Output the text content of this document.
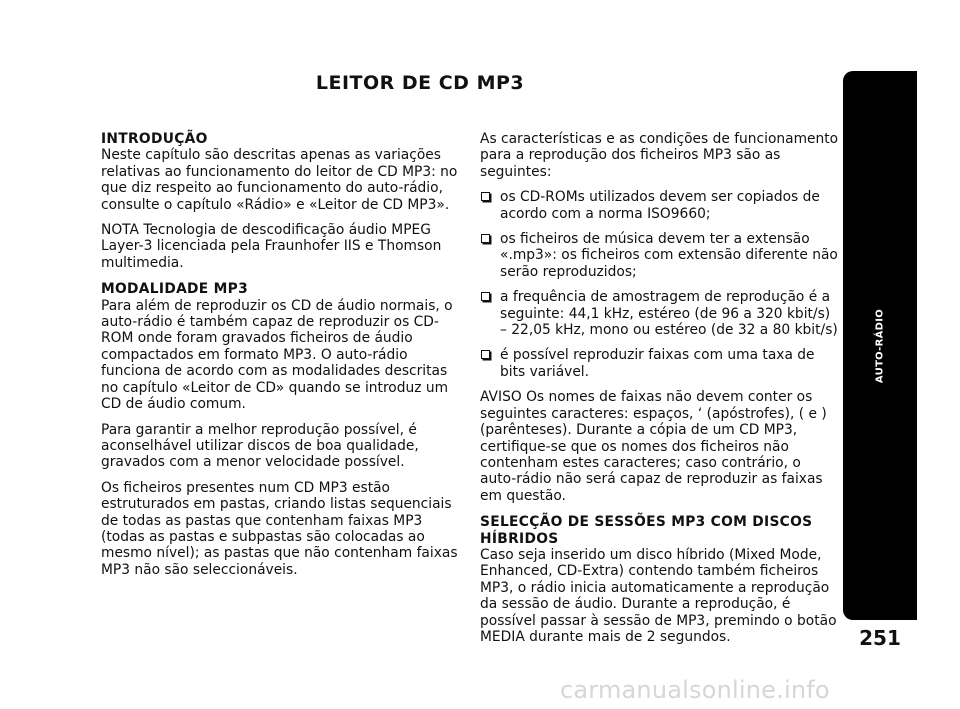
LEITOR DE CD MP3
INTRODUÇÃO

Neste capítulo são descritas apenas as variações relativas ao funcionamento do leitor de CD MP3: no que diz respeito ao funcionamento do auto-rádio, consulte o capítulo «Rádio» e «Leitor de CD MP3».

NOTA Tecnologia de descodificação áudio MPEG Layer-3 licenciada pela Fraunhofer IIS e Thomson multimedia.

MODALIDADE MP3

Para além de reproduzir os CD de áudio normais, o auto-rádio é também capaz de reproduzir os CD-ROM onde foram gravados ficheiros de áudio compactados em formato MP3. O auto-rádio funciona de acordo com as modalidades descritas no capítulo «Leitor de CD» quando se introduz um CD de áudio comum.

Para garantir a melhor reprodução possível, é aconselhável utilizar discos de boa qualidade, gravados com a menor velocidade possível.

Os ficheiros presentes num CD MP3 estão estruturados em pastas, criando listas sequenciais de todas as pastas que contenham faixas MP3 (todas as pastas e subpastas são colocadas ao mesmo nível); as pastas que não contenham faixas MP3 não são seleccionáveis.

As características e as condições de funcionamento para a reprodução dos ficheiros MP3 são as seguintes:

os CD-ROMs utilizados devem ser copiados de acordo com a norma ISO9660;
os ficheiros de música devem ter a extensão «.mp3»: os ficheiros com extensão diferente não serão reproduzidos;
a frequência de amostragem de reprodução é a seguinte: 44,1 kHz, estéreo (de 96 a 320 kbit/s) – 22,05 kHz, mono ou estéreo (de 32 a 80 kbit/s)
é possível reproduzir faixas com uma taxa de bits variável.

AVISO Os nomes de faixas não devem conter os seguintes caracteres: espaços, ‘ (apóstrofes), ( e ) (parênteses). Durante a cópia de um CD MP3, certifique-se que os nomes dos ficheiros não contenham estes caracteres; caso contrário, o auto-rádio não será capaz de reproduzir as faixas em questão.

SELECÇÃO DE SESSÕES MP3 COM DISCOS HÍBRIDOS

Caso seja inserido um disco híbrido (Mixed Mode, Enhanced, CD-Extra) contendo também ficheiros MP3, o rádio inicia automaticamente a reprodução da sessão de áudio. Durante a reprodução, é possível passar à sessão de MP3, premindo o botão MEDIA durante mais de 2 segundos.

AUTO-RÁDIO
251
carmanualsonline.info
